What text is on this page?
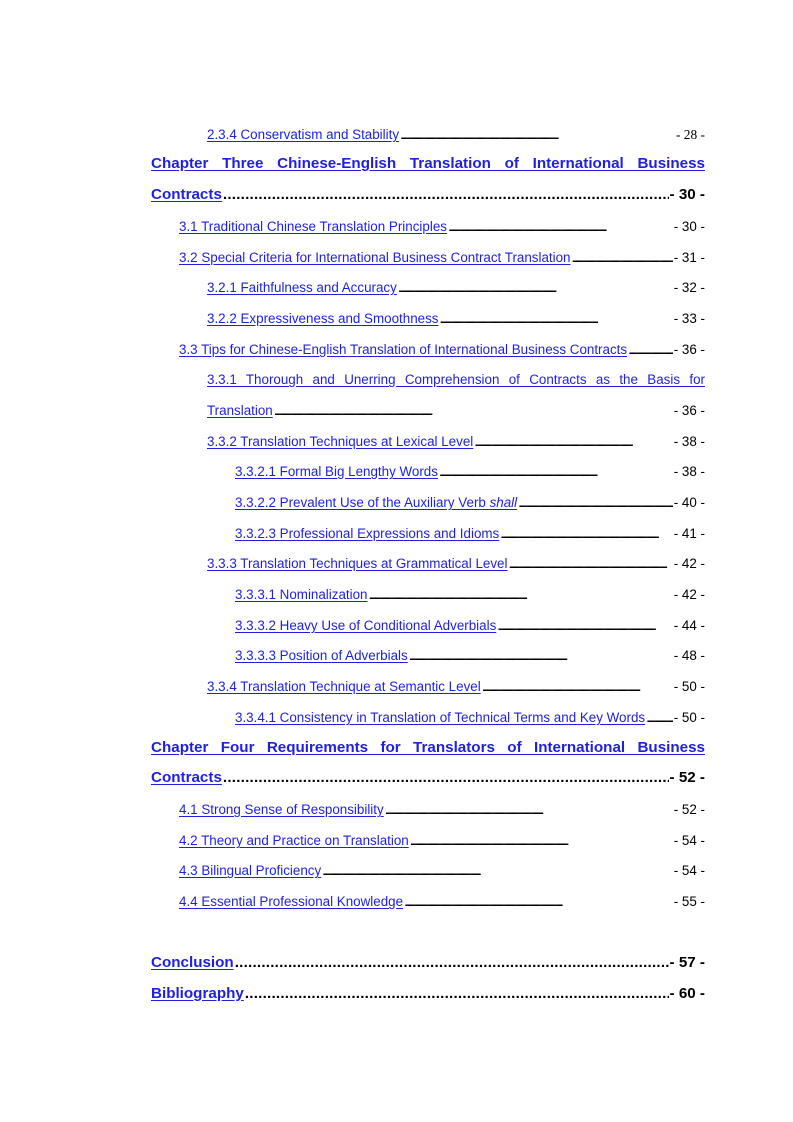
2.3.4 Conservatism and Stability . . .	- 28 -
Chapter Three Chinese-English Translation of International Business
Contracts . . .	- 30 -
3.1 Traditional Chinese Translation Principles . . .	- 30 -
3.2 Special Criteria for International Business Contract Translation . . .	- 31 -
3.2.1 Faithfulness and Accuracy . . .	- 32 -
3.2.2 Expressiveness and Smoothness . . .	- 33 -
3.3 Tips for Chinese-English Translation of International Business Contracts . . .	- 36 -
3.3.1 Thorough and Unerring Comprehension of Contracts as the Basis for
Translation . . .	- 36 -
3.3.2 Translation Techniques at Lexical Level . . .	- 38 -
3.3.2.1 Formal Big Lengthy Words . . .	- 38 -
3.3.2.2 Prevalent Use of the Auxiliary Verb shall . . .	- 40 -
3.3.2.3 Professional Expressions and Idioms . . .	- 41 -
3.3.3 Translation Techniques at Grammatical Level . . .	- 42 -
3.3.3.1 Nominalization . . .	- 42 -
3.3.3.2 Heavy Use of Conditional Adverbials . . .	- 44 -
3.3.3.3 Position of Adverbials . . .	- 48 -
3.3.4 Translation Technique at Semantic Level . . .	- 50 -
3.3.4.1 Consistency in Translation of Technical Terms and Key Words . . . - 50 -
Chapter Four Requirements for Translators of International Business
Contracts . . .	- 52 -
4.1 Strong Sense of Responsibility . . .	- 52 -
4.2 Theory and Practice on Translation . . .	- 54 -
4.3 Bilingual Proficiency . . .	- 54 -
4.4 Essential Professional Knowledge . . .	- 55 -
Conclusion . . .	- 57 -
Bibliography . . .	- 60 -
